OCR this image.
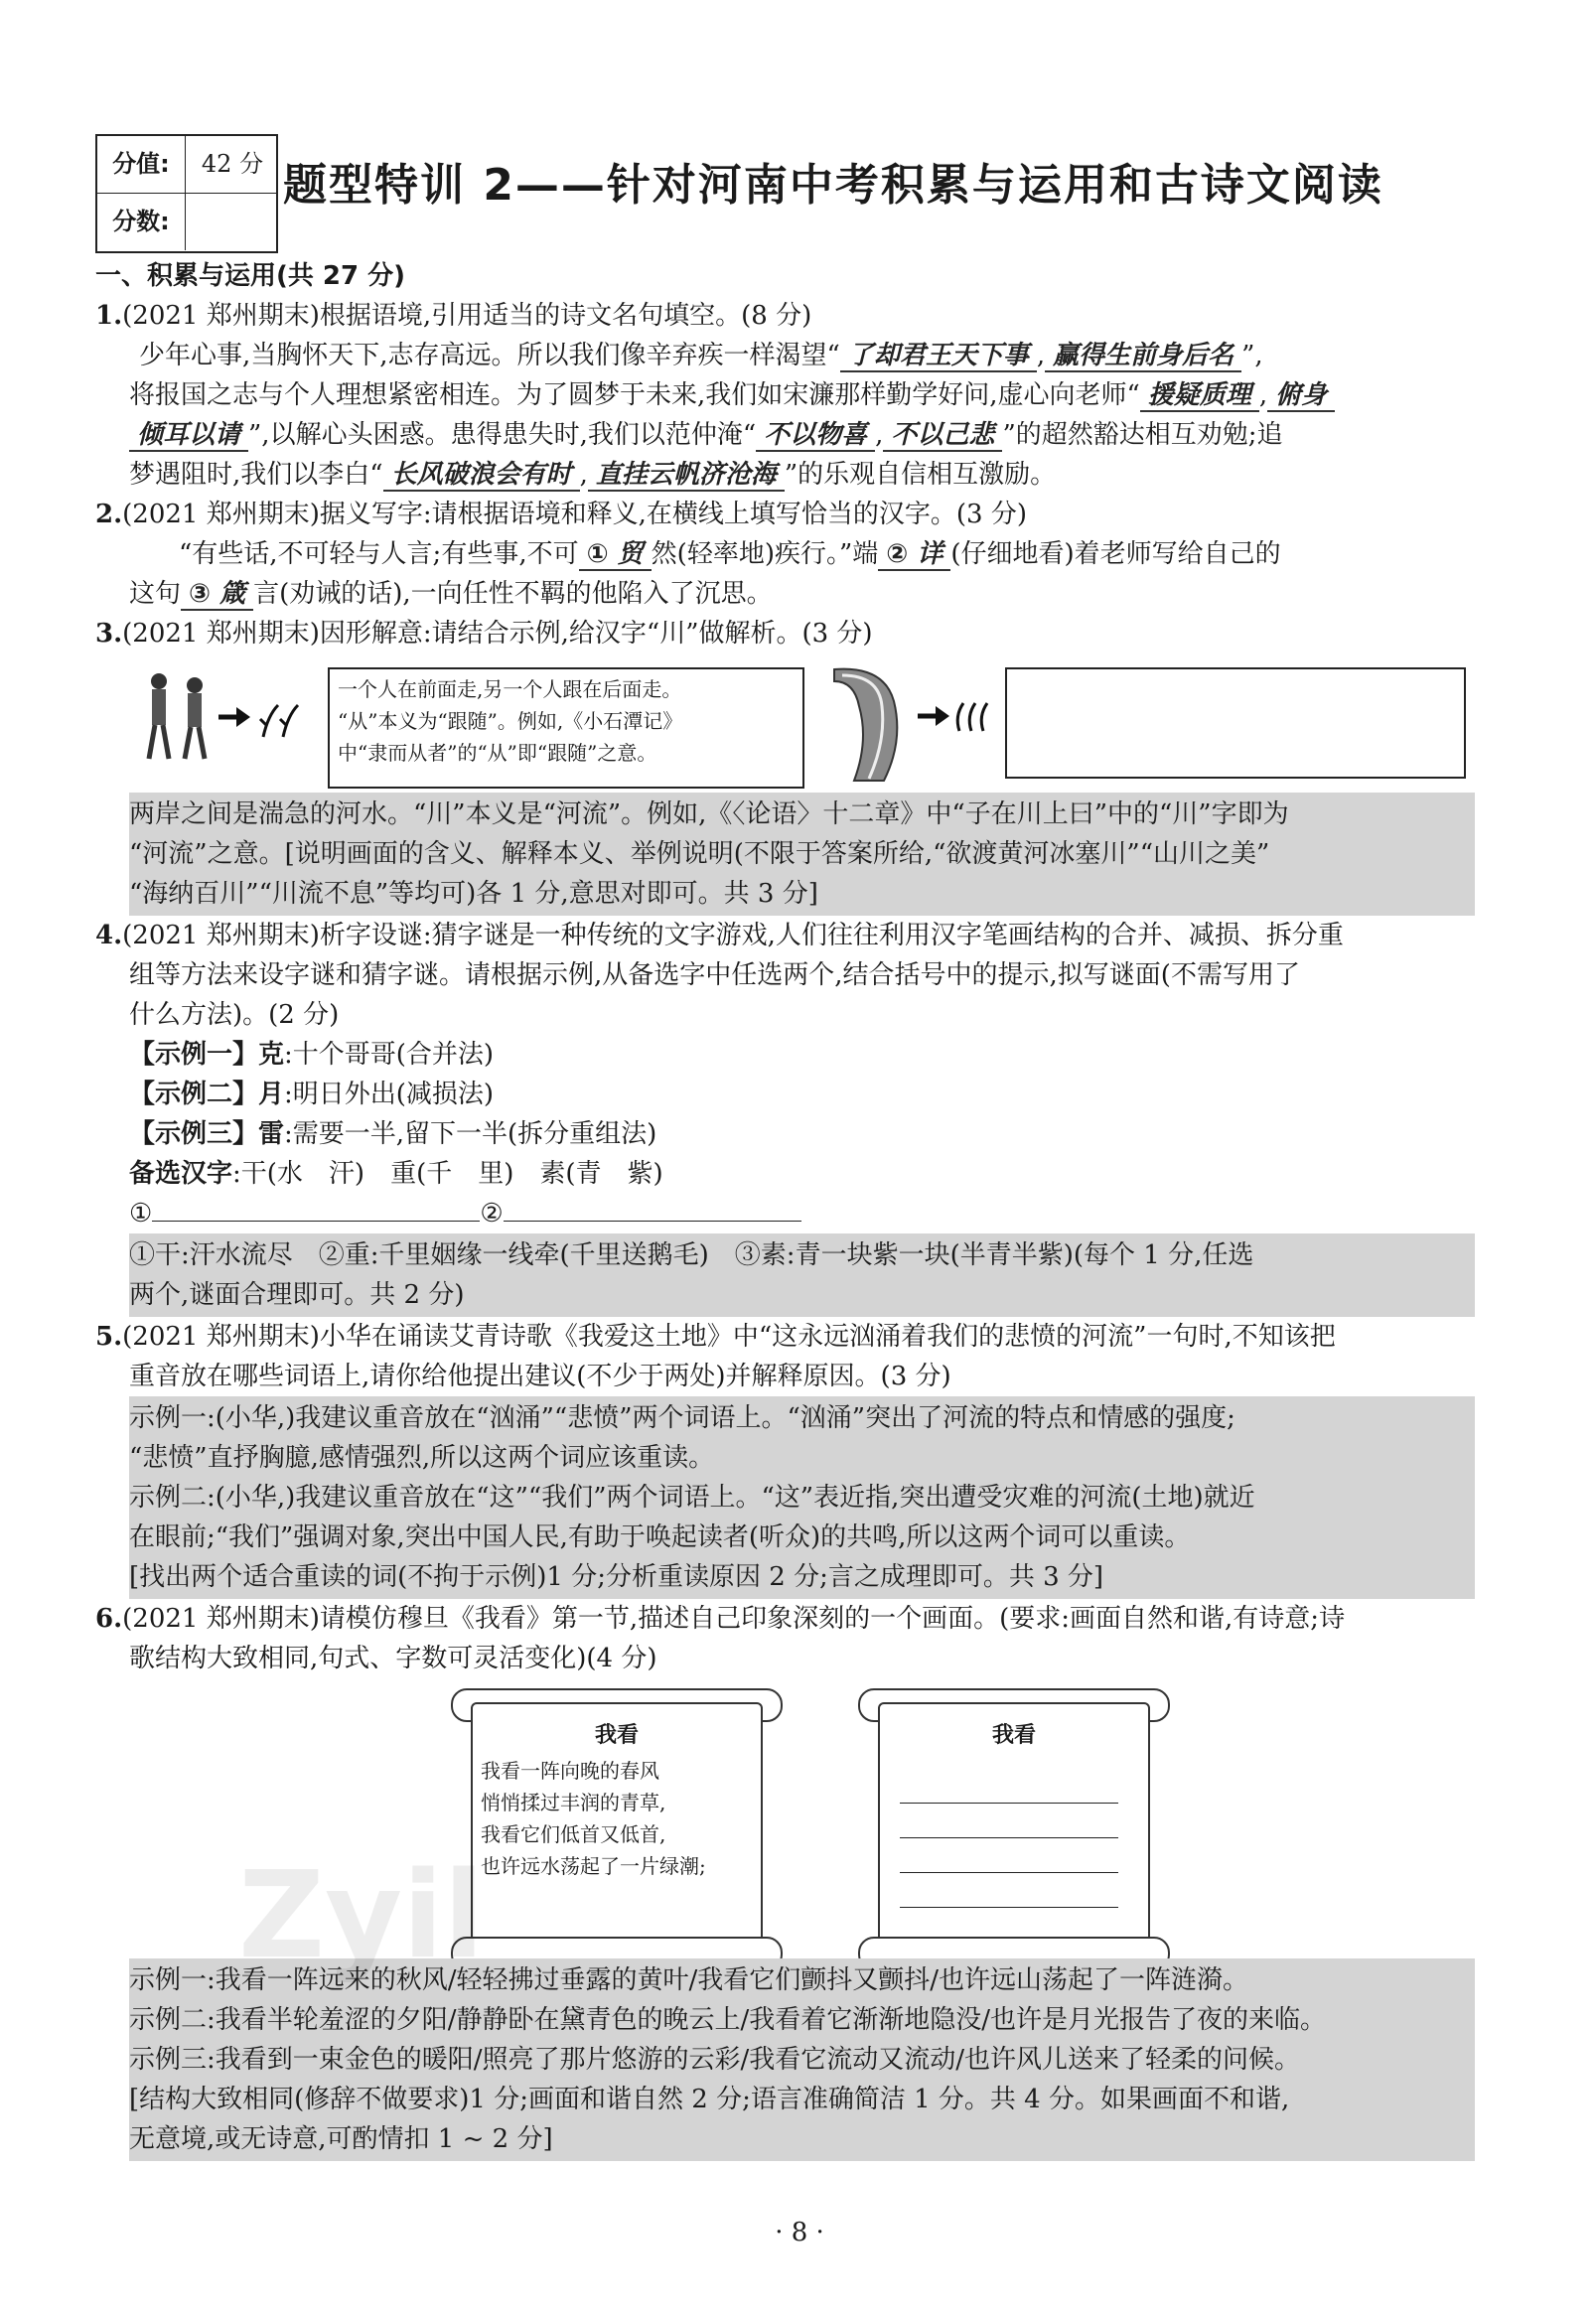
分值:	42 分
分数:
题型特训 2——针对河南中考积累与运用和古诗文阅读
一、积累与运用(共 27 分)
1.(2021 郑州期末)根据语境,引用适当的诗文名句填空。(8 分)
少年心事,当胸怀天下,志存高远。所以我们像辛弃疾一样渴望“ 了却君王天下事 , 赢得生前身后名 ”,
将报国之志与个人理想紧密相连。为了圆梦于未来,我们如宋濂那样勤学好问,虚心向老师“ 援疑质理 , 俯身
倾耳以请 ”,以解心头困惑。患得患失时,我们以范仲淹“ 不以物喜 , 不以己悲 ”的超然豁达相互劝勉;追
梦遇阻时,我们以李白“ 长风破浪会有时 , 直挂云帆济沧海 ”的乐观自信相互激励。
2.(2021 郑州期末)据义写字:请根据语境和释义,在横线上填写恰当的汉字。(3 分)
“有些话,不可轻与人言;有些事,不可 ① 贸 然(轻率地)疾行。”端 ② 详 (仔细地看)着老师写给自己的
这句 ③ 箴 言(劝诫的话),一向任性不羁的他陷入了沉思。
3.(2021 郑州期末)因形解意:请结合示例,给汉字“川”做解析。(3 分)
一个人在前面走,另一个人跟在后面走。
“从”本义为“跟随”。例如,《小石潭记》
中“隶而从者”的“从”即“跟随”之意。
两岸之间是湍急的河水。“川”本义是“河流”。例如,《〈论语〉十二章》中“子在川上曰”中的“川”字即为
“河流”之意。[说明画面的含义、解释本义、举例说明(不限于答案所给,“欲渡黄河冰塞川”“山川之美”
“海纳百川”“川流不息”等均可)各 1 分,意思对即可。共 3 分]
4.(2021 郑州期末)析字设谜:猜字谜是一种传统的文字游戏,人们往往利用汉字笔画结构的合并、减损、拆分重
组等方法来设字谜和猜字谜。请根据示例,从备选字中任选两个,结合括号中的提示,拟写谜面(不需写用了
什么方法)。(2 分)
【示例一】克:十个哥哥(合并法)
【示例二】月:明日外出(减损法)
【示例三】雷:需要一半,留下一半(拆分重组法)
备选汉字:干(水　汗)　重(千　里)　素(青　紫)
①	②
①干:汗水流尽　②重:千里姻缘一线牵(千里送鹅毛)　③素:青一块紫一块(半青半紫)(每个 1 分,任选
两个,谜面合理即可。共 2 分)
5.(2021 郑州期末)小华在诵读艾青诗歌《我爱这土地》中“这永远汹涌着我们的悲愤的河流”一句时,不知该把
重音放在哪些词语上,请你给他提出建议(不少于两处)并解释原因。(3 分)
示例一:(小华,)我建议重音放在“汹涌”“悲愤”两个词语上。“汹涌”突出了河流的特点和情感的强度;
“悲愤”直抒胸臆,感情强烈,所以这两个词应该重读。
示例二:(小华,)我建议重音放在“这”“我们”两个词语上。“这”表近指,突出遭受灾难的河流(土地)就近
在眼前;“我们”强调对象,突出中国人民,有助于唤起读者(听众)的共鸣,所以这两个词可以重读。
[找出两个适合重读的词(不拘于示例)1 分;分析重读原因 2 分;言之成理即可。共 3 分]
6.(2021 郑州期末)请模仿穆旦《我看》第一节,描述自己印象深刻的一个画面。(要求:画面自然和谐,有诗意;诗
歌结构大致相同,句式、字数可灵活变化)(4 分)
我看
我看一阵向晚的春风
悄悄揉过丰润的青草,
我看它们低首又低首,
也许远水荡起了一片绿潮;
我看
示例一:我看一阵远来的秋风/轻轻拂过垂露的黄叶/我看它们颤抖又颤抖/也许远山荡起了一阵涟漪。
示例二:我看半轮羞涩的夕阳/静静卧在黛青色的晚云上/我看着它渐渐地隐没/也许是月光报告了夜的来临。
示例三:我看到一束金色的暖阳/照亮了那片悠游的云彩/我看它流动又流动/也许风儿送来了轻柔的问候。
[结构大致相同(修辞不做要求)1 分;画面和谐自然 2 分;语言准确简洁 1 分。共 4 分。如果画面不和谐,
无意境,或无诗意,可酌情扣 1 ~ 2 分]
Zyil
· 8 ·
